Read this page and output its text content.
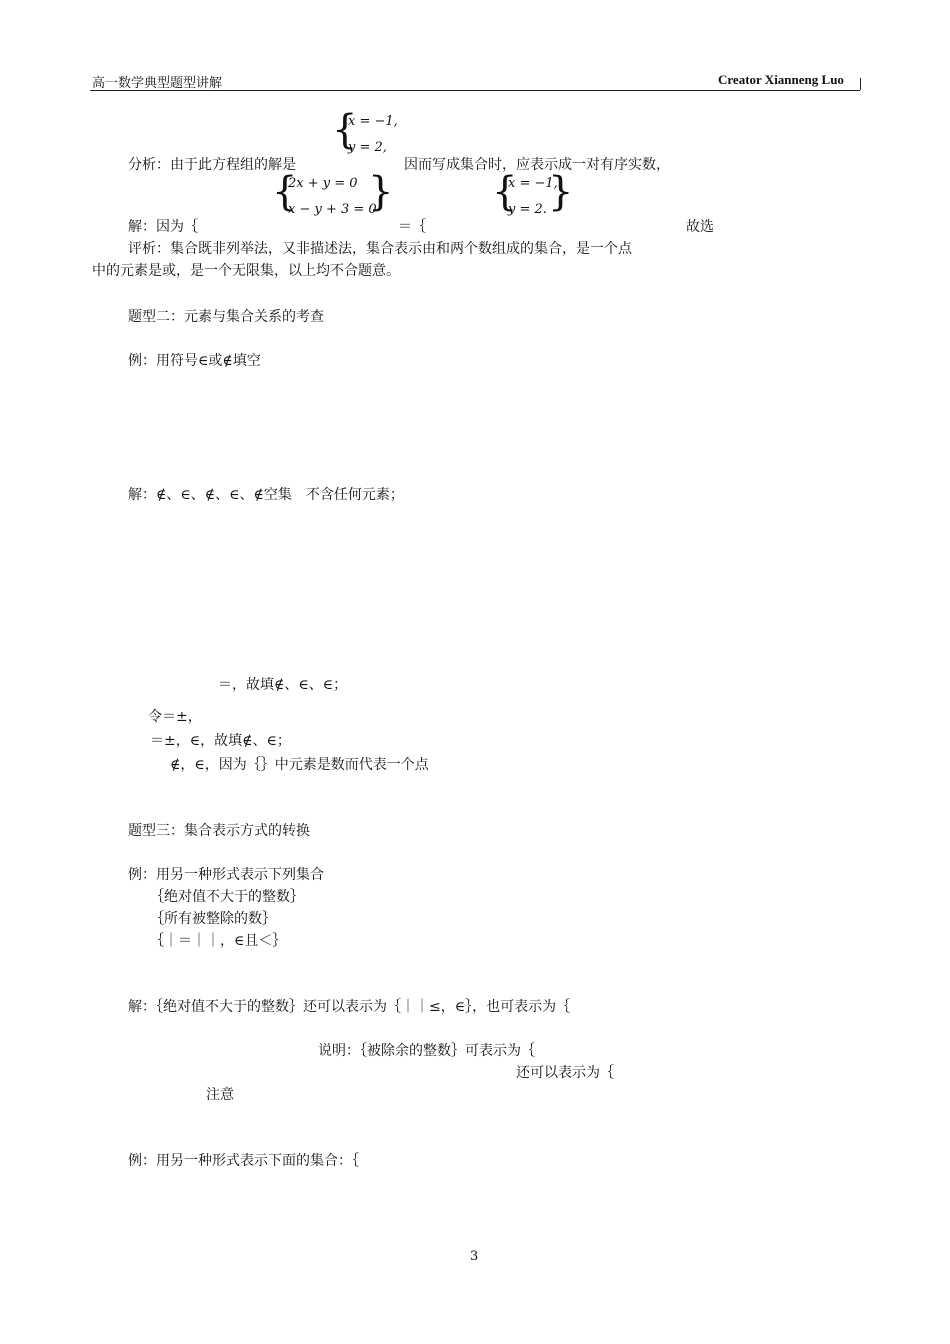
高一数学典型题型讲解	Creator Xianneng Luo
{
x = −1,
y = 2,
分析：由于此方程组的解是	因而写成集合时，应表示成一对有序实数，
{
2x + y = 0
x − y + 3 = 0
} {
x = −1,
y = 2. }
解：因为｛	＝｛	故选
评析：集合既非列举法，又非描述法，集合表示由和两个数组成的集合，是一个点
中的元素是或，是一个无限集，以上均不合题意。
题型二：元素与集合关系的考查
例：用符号∈或∉填空
解：∉、∈、∉、∈、∉空集　不含任何元素；
＝，故填∉、∈、∈；
令＝±，
＝±，∈，故填∉、∈；
∉，∈，因为｛｝中元素是数而代表一个点
题型三：集合表示方式的转换
例：用另一种形式表示下列集合
｛绝对值不大于的整数｝
｛所有被整除的数｝
｛｜＝｜｜，∈且＜｝
解：｛绝对值不大于的整数｝还可以表示为｛｜｜≤，∈｝，也可表示为｛
说明：｛被除余的整数｝可表示为｛
还可以表示为｛
注意
例：用另一种形式表示下面的集合：｛
3
